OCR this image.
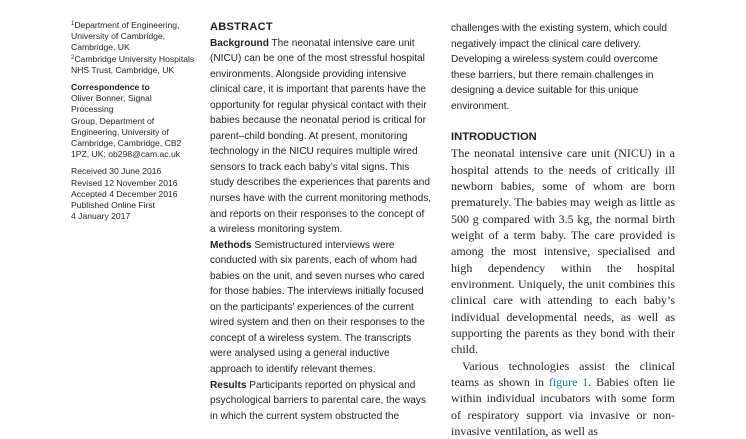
$^1$Department of Engineering,

University of Cambridge,

Cambridge, UK

$^2$Cambridge University Hospitals

NHS Trust, Cambridge, UK

Correspondence to

Oliver Bonner, Signal Processing

Group, Department of

Engineering, University of

Cambridge, Cambridge, CB2

1PZ, UK; ob298@cam.ac.uk

Received 30 June 2016

Revised 12 November 2016

Accepted 4 December 2016

Published Online First

4 January 2017

ABSTRACT

Background The neonatal intensive care unit (NICU) can be one of the most stressful hospital environments. Alongside providing intensive clinical care, it is important that parents have the opportunity for regular physical contact with their babies because the neonatal period is critical for parent–child bonding. At present, monitoring technology in the NICU requires multiple wired sensors to track each baby’s vital signs. This study describes the experiences that parents and nurses have with the current monitoring methods, and reports on their responses to the concept of a wireless monitoring system.

Methods Semistructured interviews were conducted with six parents, each of whom had babies on the unit, and seven nurses who cared for those babies. The interviews initially focused on the participants’ experiences of the current wired system and then on their responses to the concept of a wireless system. The transcripts were analysed using a general inductive approach to identify relevant themes.

Results Participants reported on physical and psychological barriers to parental care, the ways in which the current system obstructed the

challenges with the existing system, which could negatively impact the clinical care delivery. Developing a wireless system could overcome these barriers, but there remain challenges in designing a device suitable for this unique environment.
INTRODUCTION

The neonatal intensive care unit (NICU) in a hospital attends to the needs of critically ill newborn babies, some of whom are born prematurely. The babies may weigh as little as 500 g compared with 3.5 kg, the normal birth weight of a term baby. The care provided is among the most intensive, specialised and high dependency within the hospital environment. Uniquely, the unit combines this clinical care with attending to each baby’s individual developmental needs, as well as supporting the parents as they bond with their child.

Various technologies assist the clinical teams as shown in figure 1. Babies often lie within individual incubators with some form of respiratory support via invasive or non-invasive ventilation, as well as
